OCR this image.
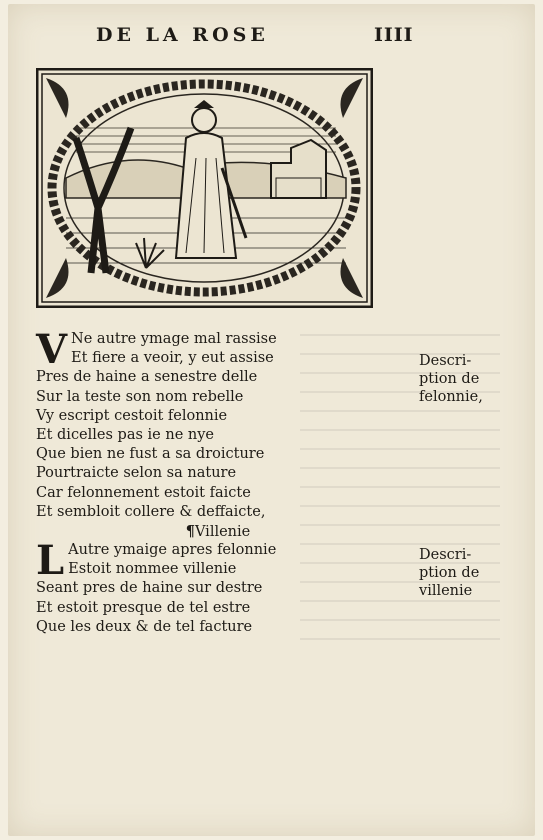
DE LA ROSE	IIII
V Ne autre ymage mal rassise
Et fiere a veoir, y eut assise
Pres de haine a senestre delle
Sur la teste son nom rebelle
Vy escript cestoit felonnie
Et dicelles pas ie ne nye
Que bien ne fust a sa droicture
Pourtraicte selon sa nature
Car felonnement estoit faicte
Et sembloit collere & deffaicte,
¶Villenie
L Autre ymaige apres felonnie
Estoit nommee villenie
Seant pres de haine sur destre
Et estoit presque de tel estre
Que les deux & de tel facture
Descri-
ption de
felonnie,
Descri-
ption de
villenie
